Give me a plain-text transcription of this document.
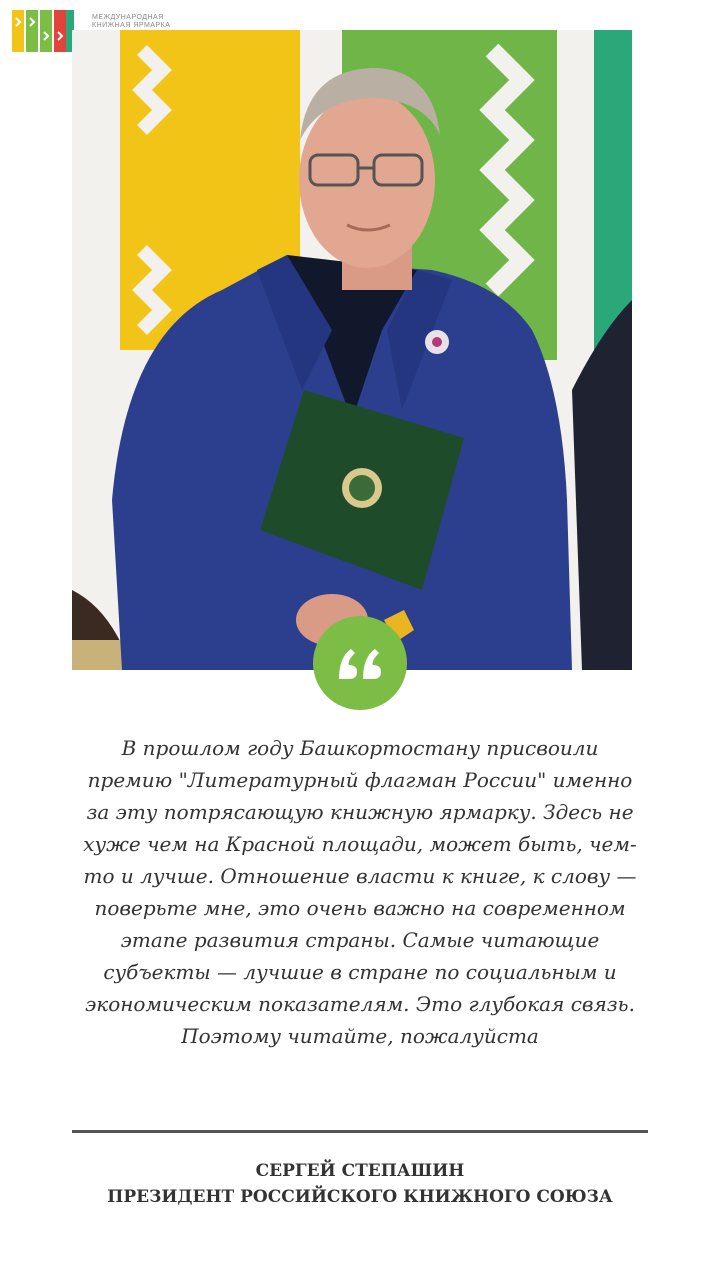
МЕЖДУНАРОДНАЯ КНИЖНАЯ ЯРМАРКА
В прошлом году Башкортостану присвоили премию "Литературный флагман России" именно за эту потрясающую книжную ярмарку. Здесь не хуже чем на Красной площади, может быть, чем-то и лучше. Отношение власти к книге, к слову — поверьте мне, это очень важно на современном этапе развития страны. Самые читающие субъекты — лучшие в стране по социальным и экономическим показателям. Это глубокая связь. Поэтому читайте, пожалуйста
СЕРГЕЙ СТЕПАШИН
ПРЕЗИДЕНТ РОССИЙСКОГО КНИЖНОГО СОЮЗА
